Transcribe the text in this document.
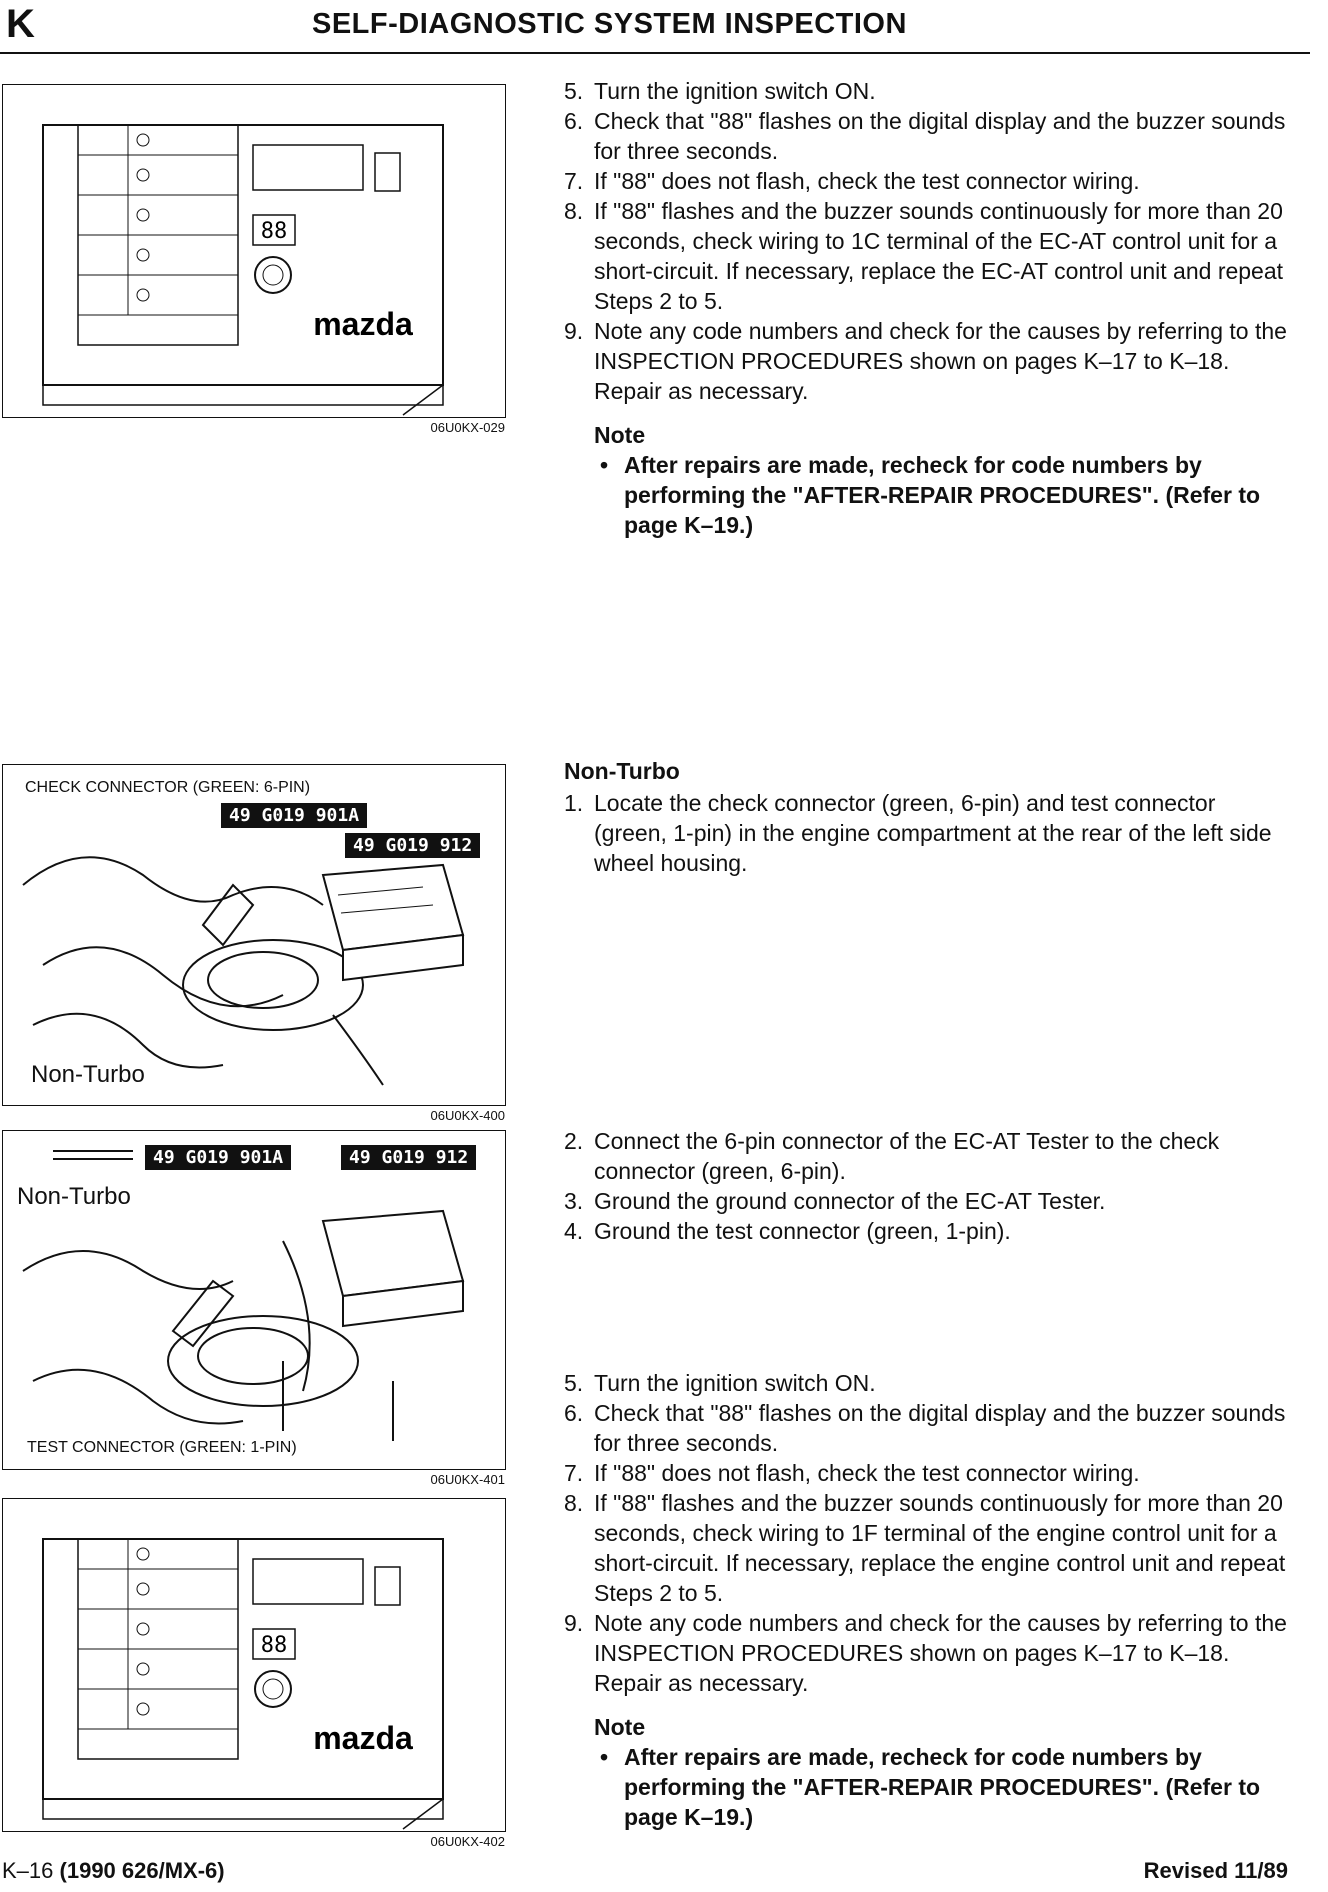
K	SELF-DIAGNOSTIC SYSTEM INSPECTION
88
mazda
06U0KX-029
5. Turn the ignition switch ON.
6. Check that "88" flashes on the digital display and the buzzer sounds for three seconds.
7. If "88" does not flash, check the test connector wiring.
8. If "88" flashes and the buzzer sounds continuously for more than 20 seconds, check wiring to 1C terminal of the EC-AT control unit for a short-circuit. If necessary, replace the EC-AT control unit and repeat Steps 2 to 5.
9. Note any code numbers and check for the causes by referring to the INSPECTION PROCEDURES shown on pages K–17 to K–18. Repair as necessary.
Note
• After repairs are made, recheck for code numbers by performing the "AFTER-REPAIR PROCEDURES". (Refer to page K–19.)
CHECK CONNECTOR (GREEN: 6-PIN)
49 G019 901A
49 G019 912
Non-Turbo
06U0KX-400
Non-Turbo
1. Locate the check connector (green, 6-pin) and test connector (green, 1-pin) in the engine compartment at the rear of the left side wheel housing.
49 G019 901A	49 G019 912
Non-Turbo
TEST CONNECTOR (GREEN: 1-PIN)
06U0KX-401
2. Connect the 6-pin connector of the EC-AT Tester to the check connector (green, 6-pin).
3. Ground the ground connector of the EC-AT Tester.
4. Ground the test connector (green, 1-pin).
88
mazda
06U0KX-402
5. Turn the ignition switch ON.
6. Check that "88" flashes on the digital display and the buzzer sounds for three seconds.
7. If "88" does not flash, check the test connector wiring.
8. If "88" flashes and the buzzer sounds continuously for more than 20 seconds, check wiring to 1F terminal of the engine control unit for a short-circuit. If necessary, replace the engine control unit and repeat Steps 2 to 5.
9. Note any code numbers and check for the causes by referring to the INSPECTION PROCEDURES shown on pages K–17 to K–18. Repair as necessary.
Note
• After repairs are made, recheck for code numbers by performing the "AFTER-REPAIR PROCEDURES". (Refer to page K–19.)
K–16 (1990 626/MX-6)	Revised 11/89
